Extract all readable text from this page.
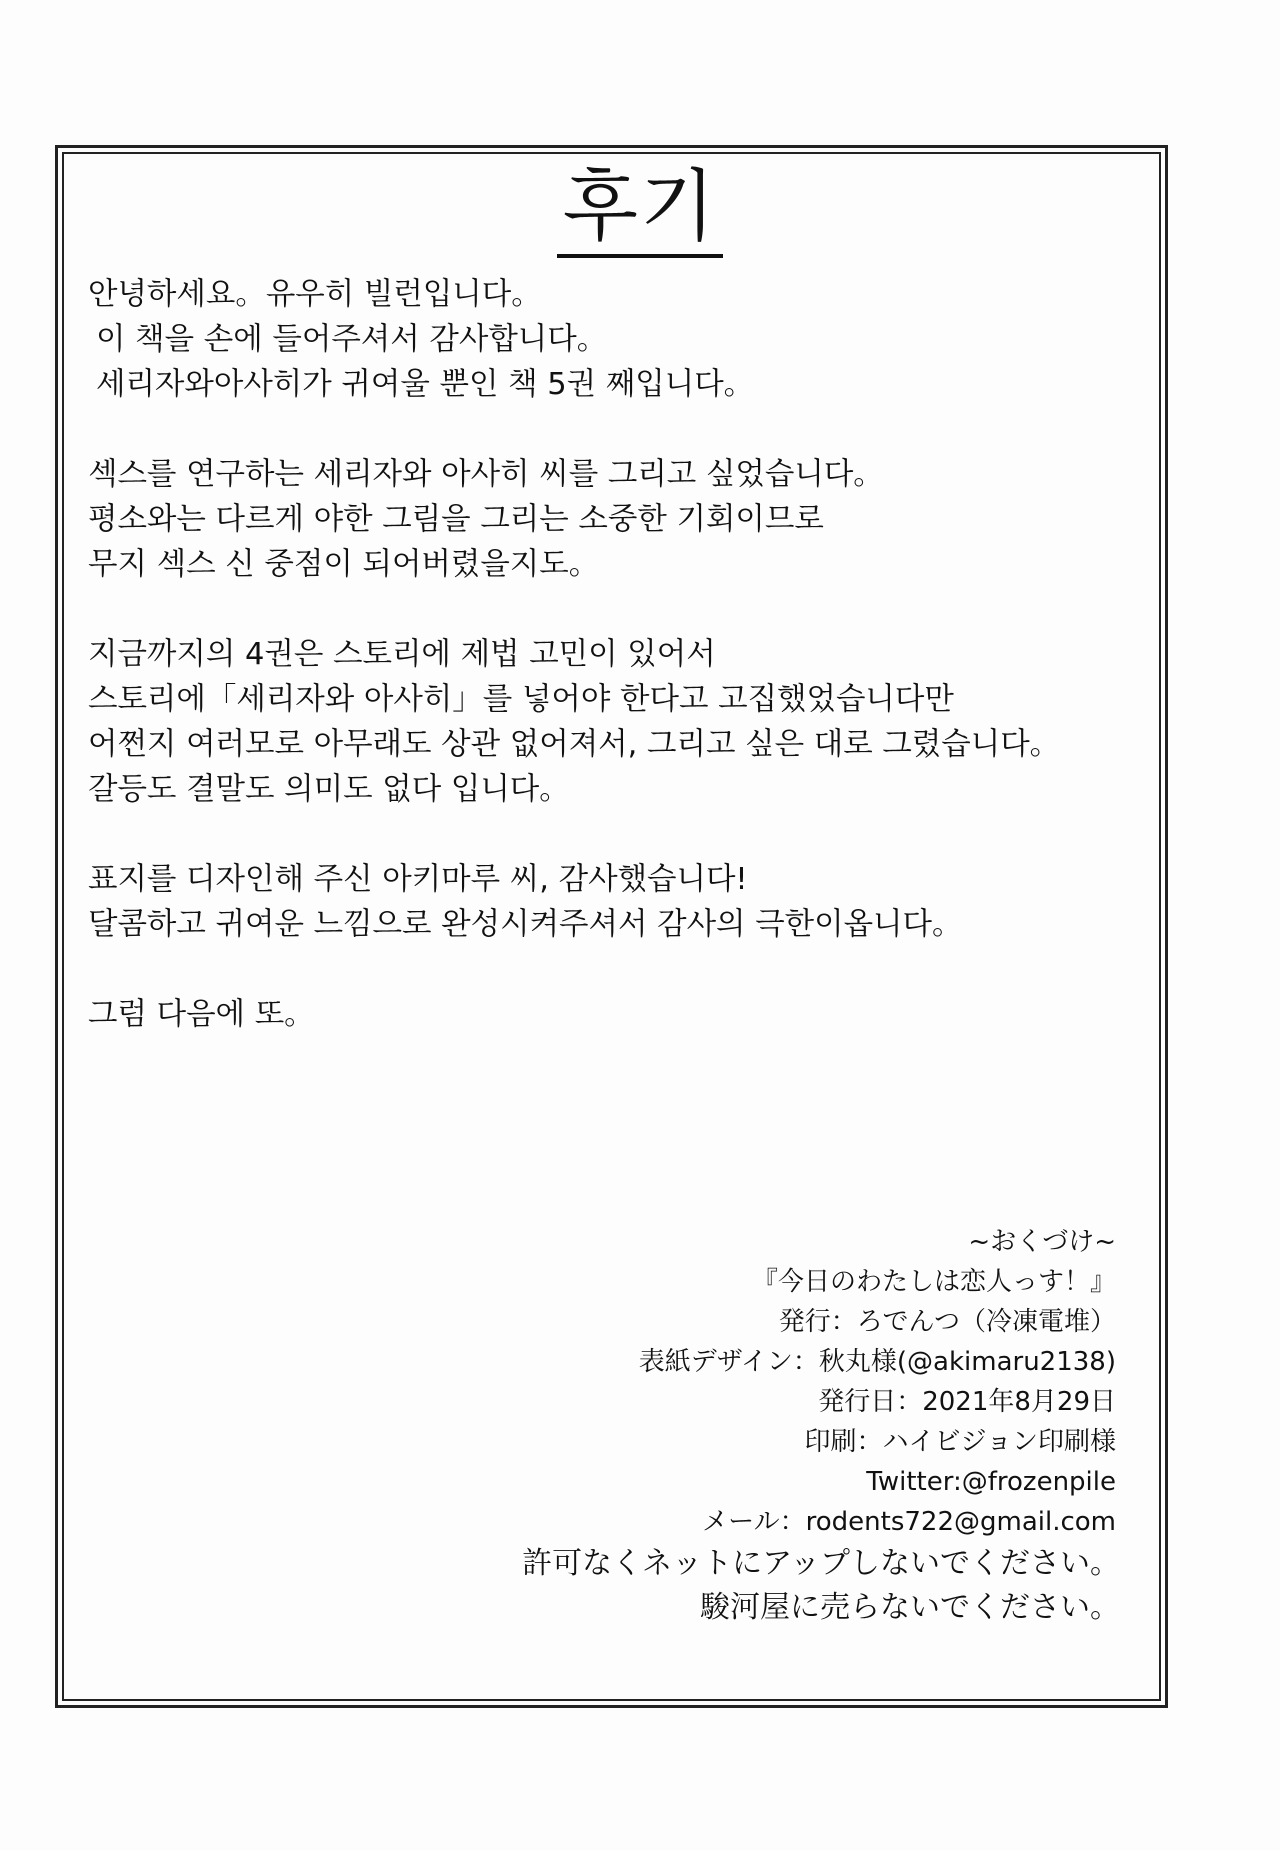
후기

안녕하세요。유우히 빌런입니다。
이 책을 손에 들어주셔서 감사합니다。
세리자와아사히가 귀여울 뿐인 책 5권 째입니다。

섹스를 연구하는 세리자와 아사히 씨를 그리고 싶었습니다。
평소와는 다르게 야한 그림을 그리는 소중한 기회이므로
무지 섹스 신 중점이 되어버렸을지도。

지금까지의 4권은 스토리에 제법 고민이 있어서
스토리에「세리자와 아사히」를 넣어야 한다고 고집했었습니다만
어쩐지 여러모로 아무래도 상관 없어져서, 그리고 싶은 대로 그렸습니다。
갈등도 결말도 의미도 없다 입니다。

표지를 디자인해 주신 아키마루 씨, 감사했습니다!
달콤하고 귀여운 느낌으로 완성시켜주셔서 감사의 극한이옵니다。

그럼 다음에 또。

~おくづけ~
『今日のわたしは恋人っす！』
発行：ろでんつ（冷凍電堆）
表紙デザイン：秋丸様(@akimaru2138)
発行日：2021年8月29日
印刷：ハイビジョン印刷様
Twitter:@frozenpile
メール：rodents722@gmail.com
許可なくネットにアップしないでください。
駿河屋に売らないでください。
